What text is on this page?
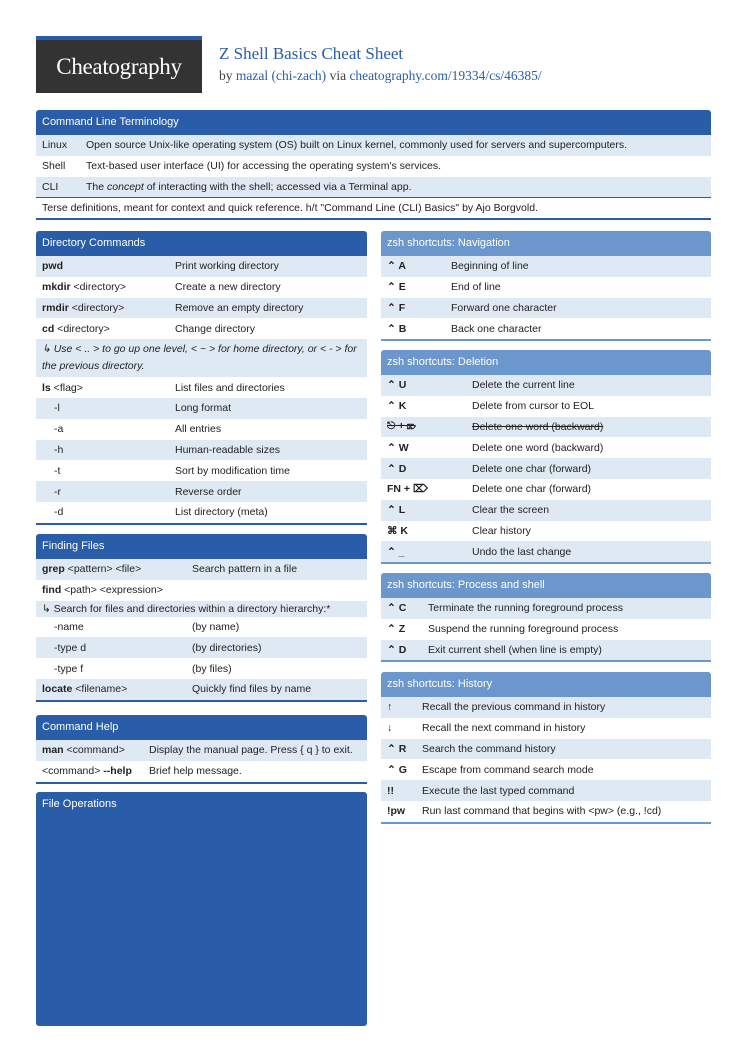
Cheatography Z Shell Basics Cheat Sheet
by mazal (chi-zach) via cheatography.com/19334/cs/46385/
Command Line Terminology
Linux	Open source Unix-like operating system (OS) built on Linux kernel, commonly used for servers and supercomputers.
Shell	Text-based user interface (UI) for accessing the operating system's services.
CLI	The concept of interacting with the shell; accessed via a Terminal app.
Terse definitions, meant for context and quick reference. h/t "Command Line (CLI) Basics" by Ajo Borgvold.
Directory Commands
pwd	Print working directory
mkdir <directory>	Create a new directory
rmdir <directory>	Remove an empty directory
cd <directory>	Change directory
↳ Use < .. > to go up one level, < ~ > for home directory, or < - > for the previous directory.
ls <flag>	List files and directories
-l	Long format
-a	All entries
-h	Human-readable sizes
-t	Sort by modification time
-r	Reverse order
-d	List directory (meta)
Finding Files
grep <pattern> <file>	Search pattern in a file
find <path> <expression>
↳ Search for files and directories within a directory hierarchy:*
-name	(by name)
-type d	(by directories)
-type f	(by files)
locate <filename>	Quickly find files by name
Command Help
man <command>	Display the manual page. Press { q } to exit.
<command> --help	Brief help message.
File Operations
zsh shortcuts: Navigation
⌃ A	Beginning of line
⌃ E	End of line
⌃ F	Forward one character
⌃ B	Back one character
zsh shortcuts: Deletion
⌃ U	Delete the current line
⌃ K	Delete from cursor to EOL
⎋ + ⌦	Delete one word (backward)
⌃ W	Delete one word (backward)
⌃ D	Delete one char (forward)
FN + ⌦	Delete one char (forward)
⌃ L	Clear the screen
⌘ K	Clear history
⌃ _	Undo the last change
zsh shortcuts: Process and shell
⌃ C	Terminate the running foreground process
⌃ Z	Suspend the running foreground process
⌃ D	Exit current shell (when line is empty)
zsh shortcuts: History
↑	Recall the previous command in history
↓	Recall the next command in history
⌃ R	Search the command history
⌃ G	Escape from command search mode
!!	Execute the last typed command
!pw	Run last command that begins with <pw> (e.g., !cd)
